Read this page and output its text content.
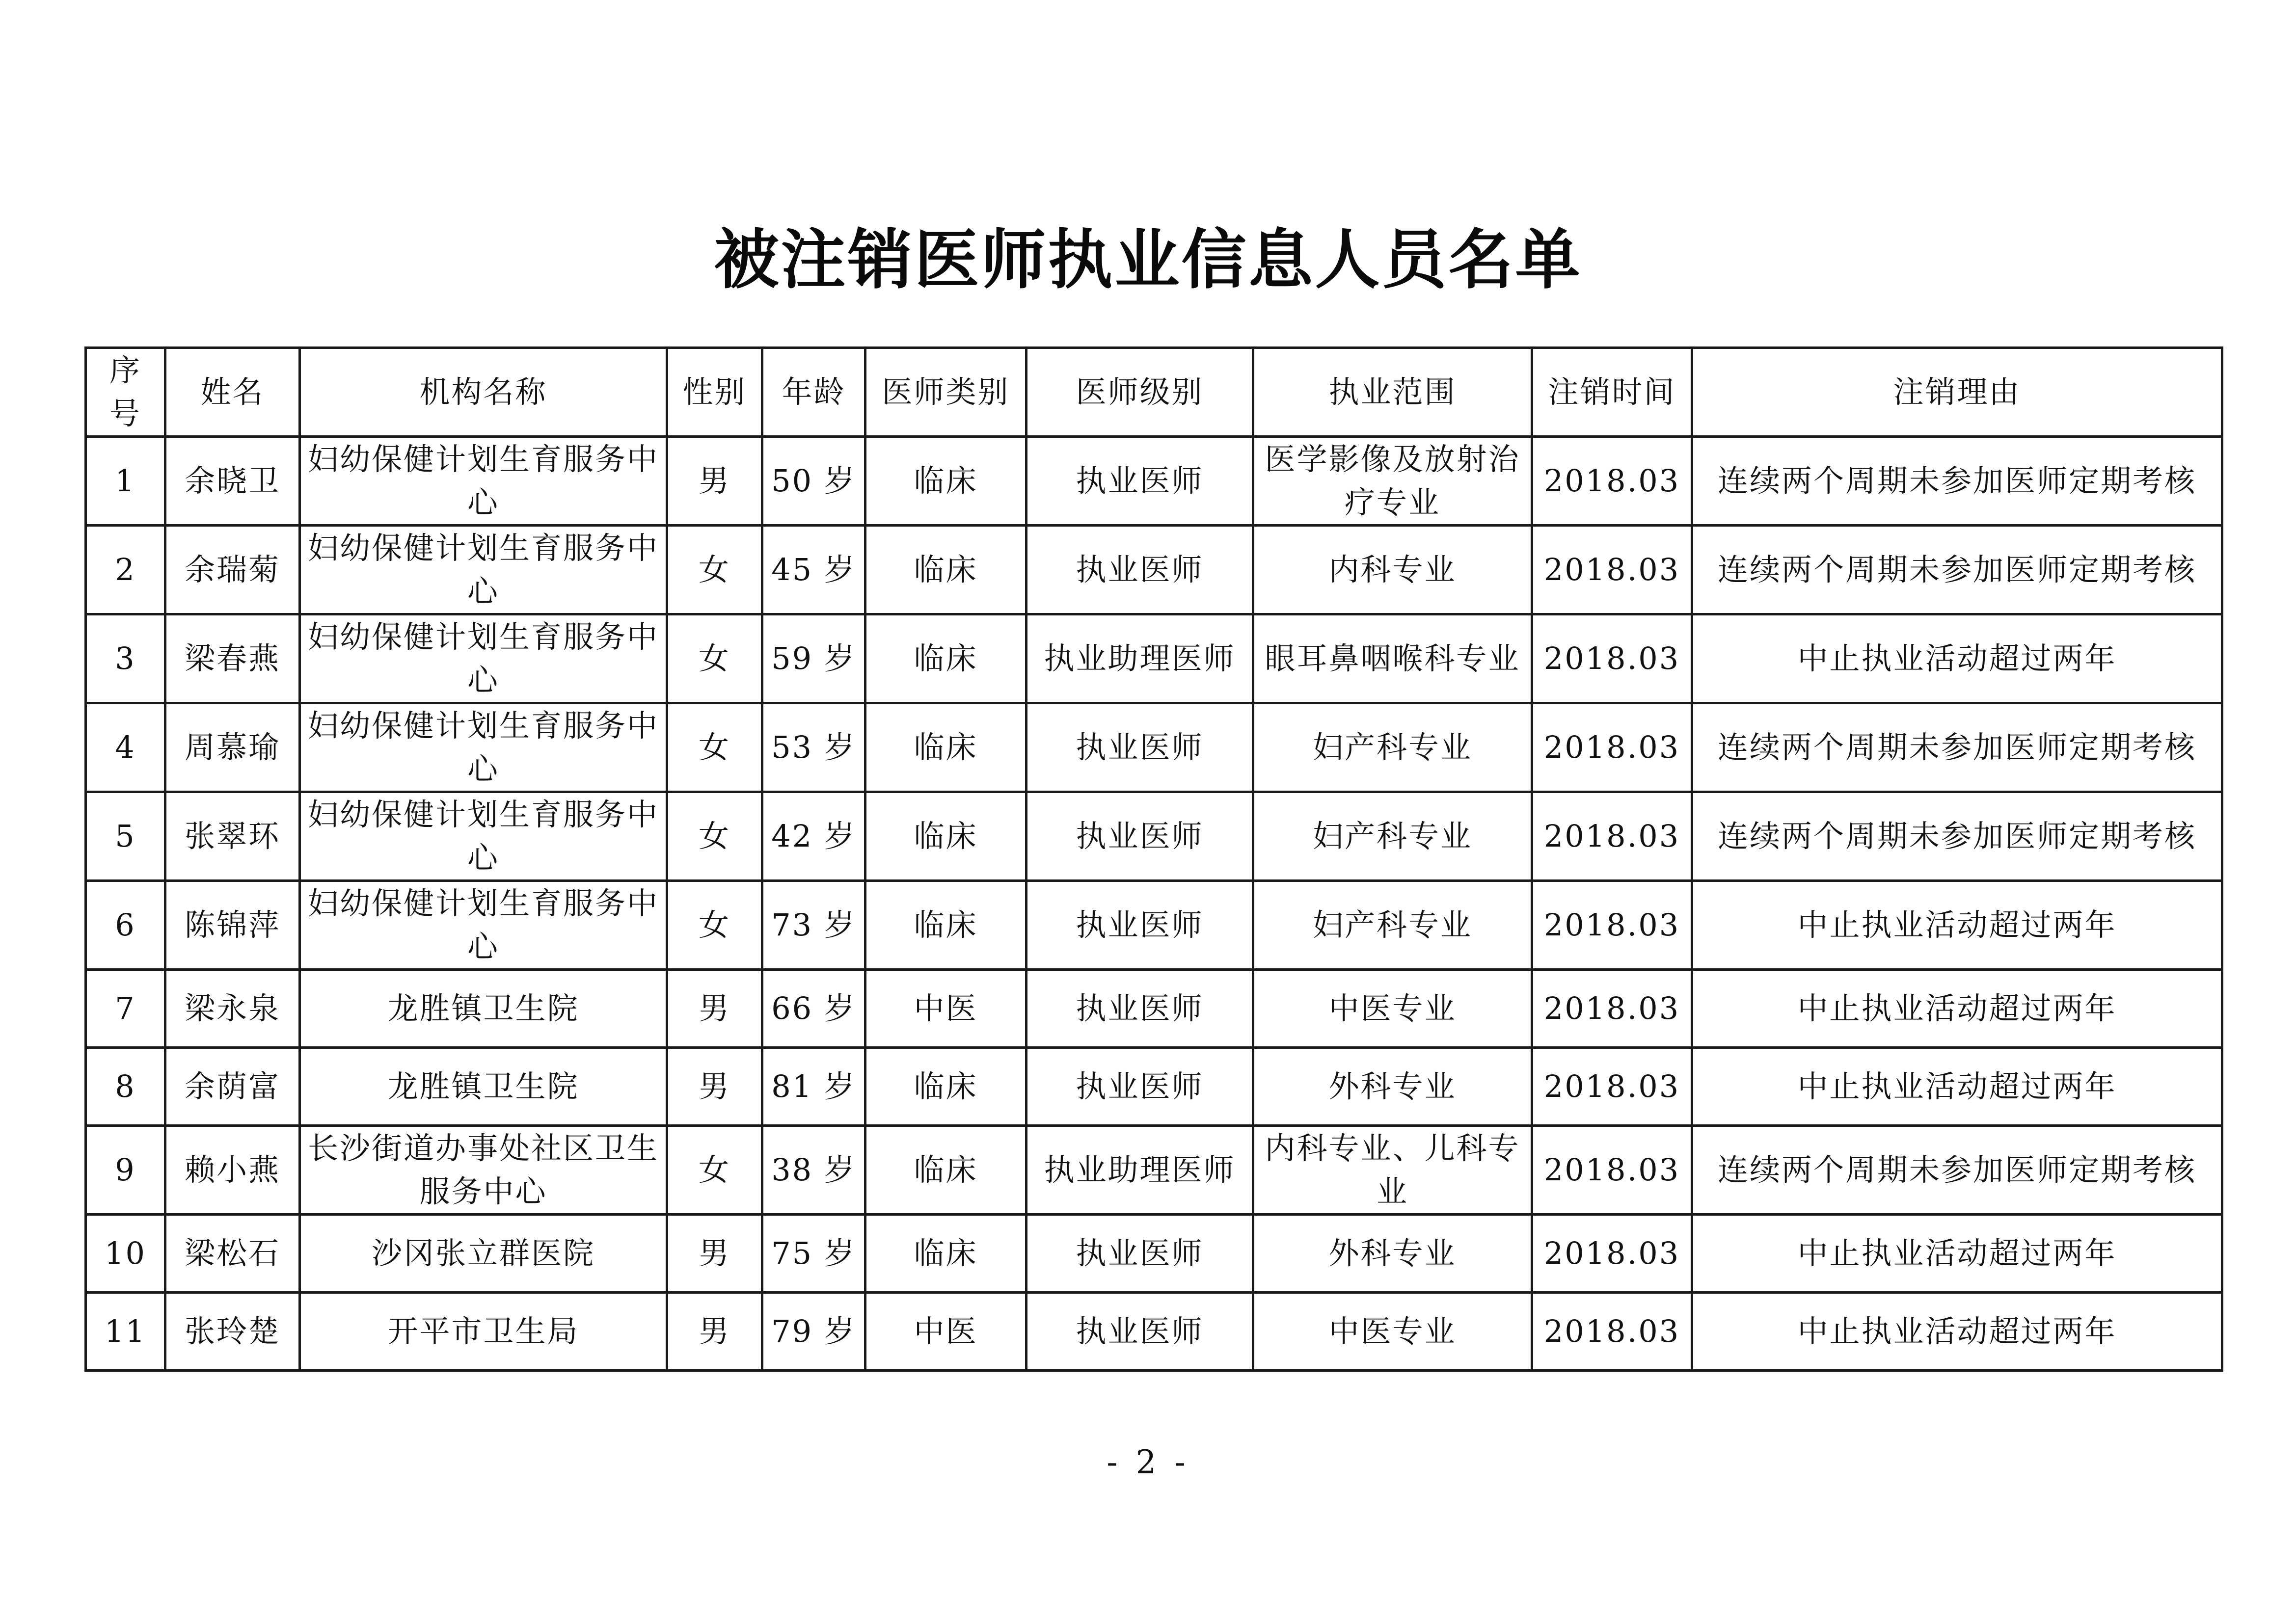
被注销医师执业信息人员名单
序号	姓名	机构名称	性别	年龄	医师类别	医师级别	执业范围	注销时间	注销理由
1	余晓卫	妇幼保健计划生育服务中心	男	50 岁	临床	执业医师	医学影像及放射治疗专业	2018.03	连续两个周期未参加医师定期考核
2	余瑞菊	妇幼保健计划生育服务中心	女	45 岁	临床	执业医师	内科专业	2018.03	连续两个周期未参加医师定期考核
3	梁春燕	妇幼保健计划生育服务中心	女	59 岁	临床	执业助理医师	眼耳鼻咽喉科专业	2018.03	中止执业活动超过两年
4	周慕瑜	妇幼保健计划生育服务中心	女	53 岁	临床	执业医师	妇产科专业	2018.03	连续两个周期未参加医师定期考核
5	张翠环	妇幼保健计划生育服务中心	女	42 岁	临床	执业医师	妇产科专业	2018.03	连续两个周期未参加医师定期考核
6	陈锦萍	妇幼保健计划生育服务中心	女	73 岁	临床	执业医师	妇产科专业	2018.03	中止执业活动超过两年
7	梁永泉	龙胜镇卫生院	男	66 岁	中医	执业医师	中医专业	2018.03	中止执业活动超过两年
8	余荫富	龙胜镇卫生院	男	81 岁	临床	执业医师	外科专业	2018.03	中止执业活动超过两年
9	赖小燕	长沙街道办事处社区卫生服务中心	女	38 岁	临床	执业助理医师	内科专业、儿科专业	2018.03	连续两个周期未参加医师定期考核
10	梁松石	沙冈张立群医院	男	75 岁	临床	执业医师	外科专业	2018.03	中止执业活动超过两年
11	张玲楚	开平市卫生局	男	79 岁	中医	执业医师	中医专业	2018.03	中止执业活动超过两年
- 2 -
